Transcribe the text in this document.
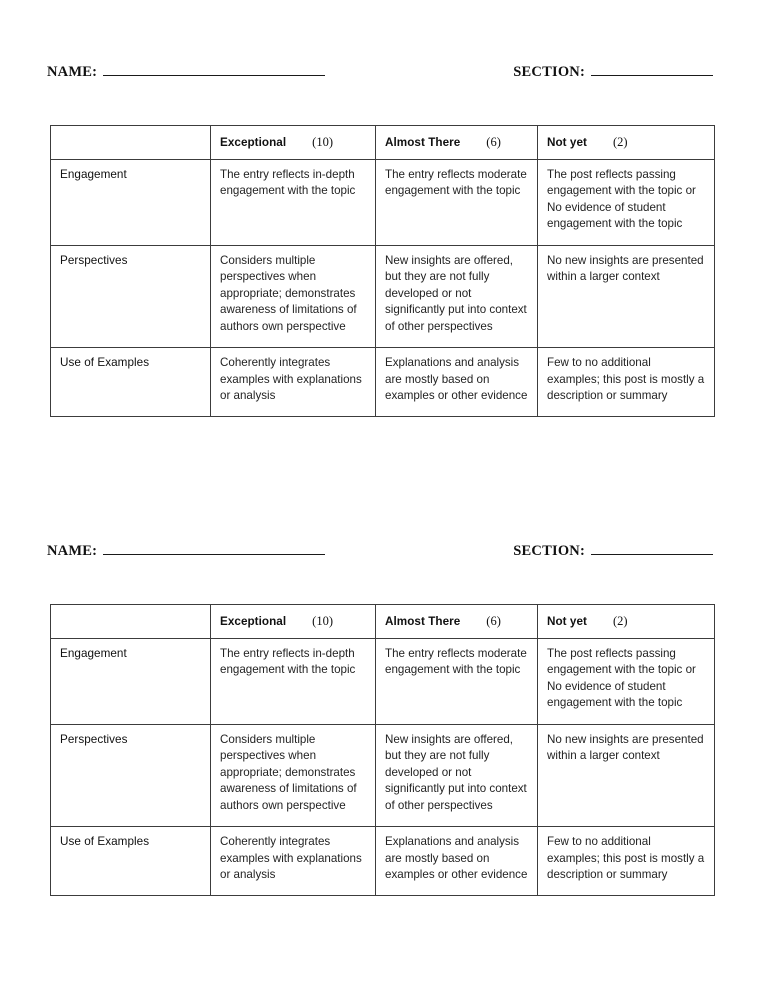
NAME:	SECTION:

	Exceptional (10)	Almost There (6)	Not yet (2)

Engagement	The entry reflects in-depth engagement with the topic	The entry reflects moderate engagement with the topic	The post reflects passing engagement with the topic or No evidence of student engagement with the topic
Perspectives	Considers multiple perspectives when appropriate; demonstrates awareness of limitations of authors own perspective	New insights are offered, but they are not fully developed or not significantly put into context of other perspectives	No new insights are presented within a larger context
Use of Examples	Coherently integrates examples with explanations or analysis	Explanations and analysis are mostly based on examples or other evidence	Few to no additional examples; this post is mostly a description or summary
NAME:	SECTION:

	Exceptional (10)	Almost There (6)	Not yet (2)

Engagement	The entry reflects in-depth engagement with the topic	The entry reflects moderate engagement with the topic	The post reflects passing engagement with the topic or No evidence of student engagement with the topic
Perspectives	Considers multiple perspectives when appropriate; demonstrates awareness of limitations of authors own perspective	New insights are offered, but they are not fully developed or not significantly put into context of other perspectives	No new insights are presented within a larger context
Use of Examples	Coherently integrates examples with explanations or analysis	Explanations and analysis are mostly based on examples or other evidence	Few to no additional examples; this post is mostly a description or summary
